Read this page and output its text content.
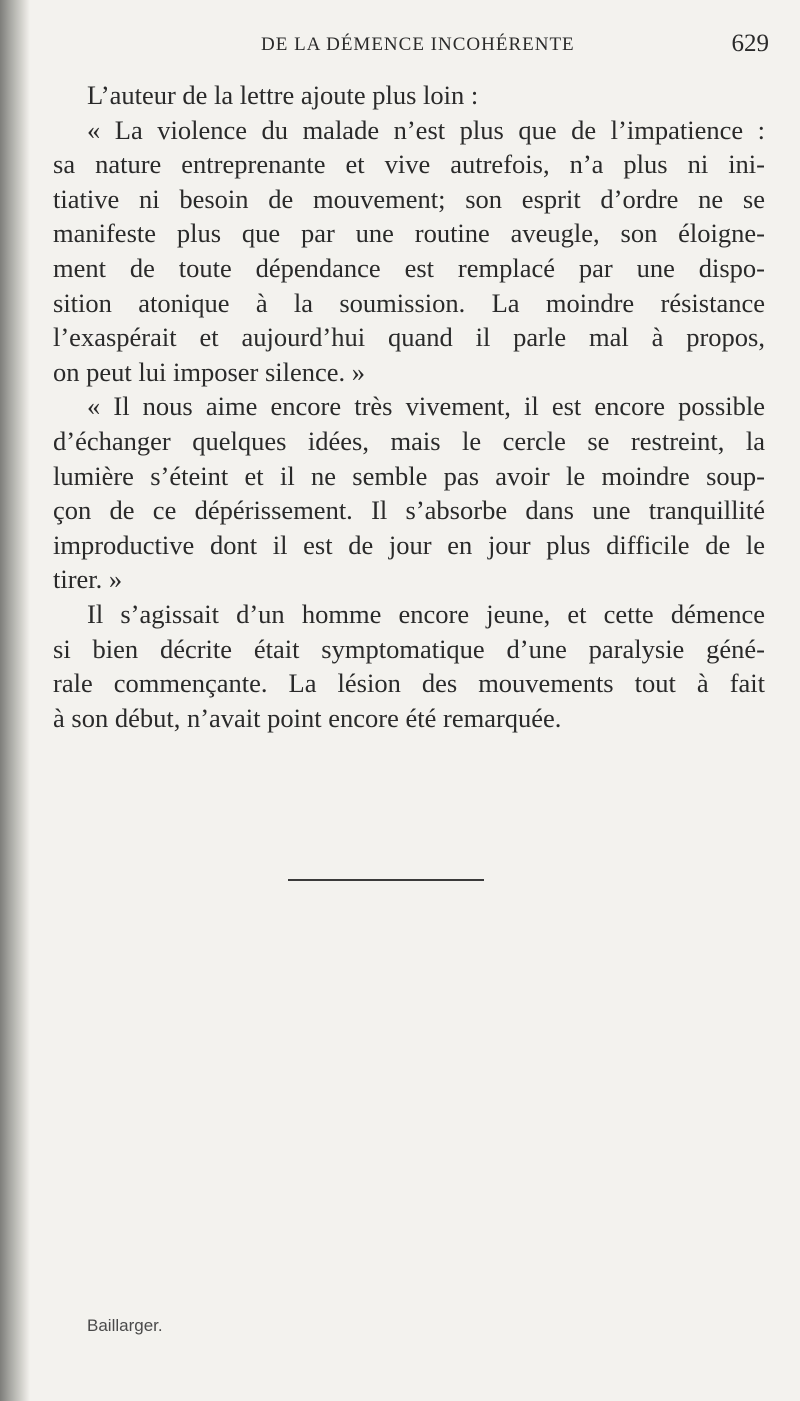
DE LA DÉMENCE INCOHÉRENTE	629

L’auteur de la lettre ajoute plus loin :

« La violence du malade n’est plus que de l’impatience :

sa nature entreprenante et vive autrefois, n’a plus ni ini-

tiative ni besoin de mouvement; son esprit d’ordre ne se

manifeste plus que par une routine aveugle, son éloigne-

ment de toute dépendance est remplacé par une dispo-

sition atonique à la soumission. La moindre résistance

l’exaspérait et aujourd’hui quand il parle mal à propos,

on peut lui imposer silence. »

« Il nous aime encore très vivement, il est encore possible

d’échanger quelques idées, mais le cercle se restreint, la

lumière s’éteint et il ne semble pas avoir le moindre soup-

çon de ce dépérissement. Il s’absorbe dans une tranquillité

improductive dont il est de jour en jour plus difficile de le

tirer. »

Il s’agissait d’un homme encore jeune, et cette démence

si bien décrite était symptomatique d’une paralysie géné-

rale commençante. La lésion des mouvements tout à fait

à son début, n’avait point encore été remarquée.

Baillarger.
